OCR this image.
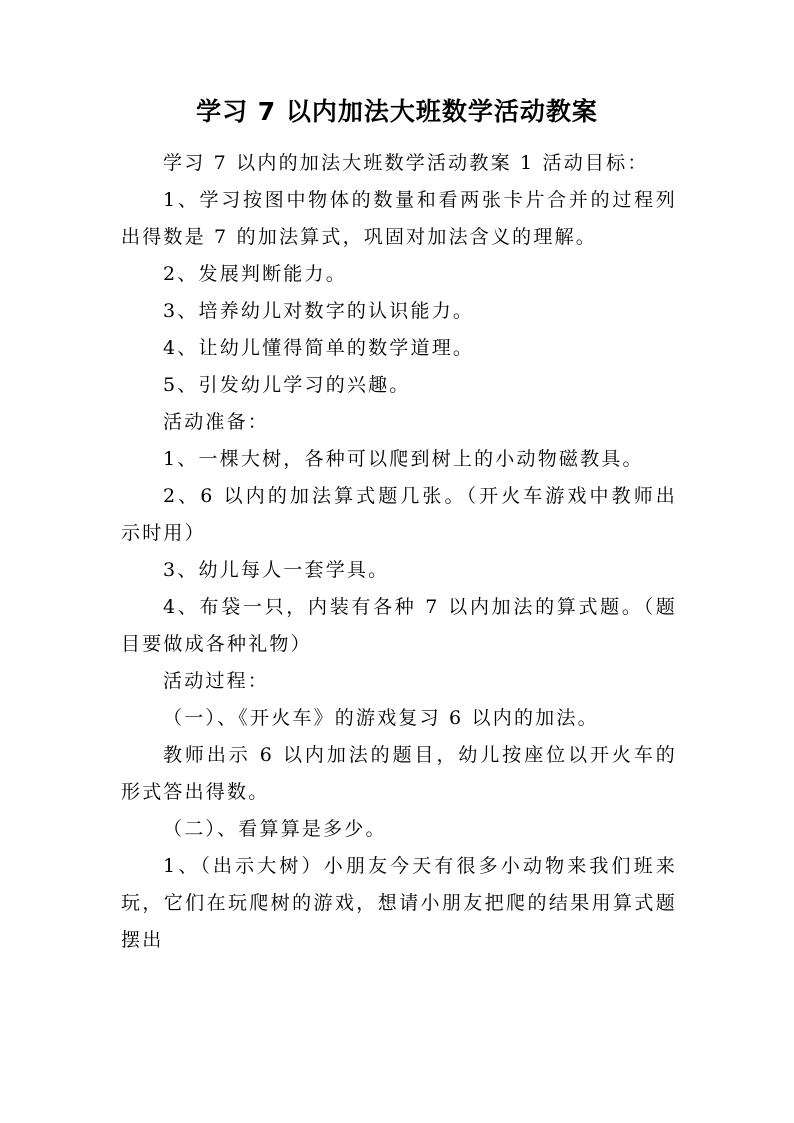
学习 7 以内加法大班数学活动教案

学习 7 以内的加法大班数学活动教案 1 活动目标：

1、学习按图中物体的数量和看两张卡片合并的过程列出得数是 7 的加法算式，巩固对加法含义的理解。

2、发展判断能力。

3、培养幼儿对数字的认识能力。

4、让幼儿懂得简单的数学道理。

5、引发幼儿学习的兴趣。

活动准备：

1、一棵大树，各种可以爬到树上的小动物磁教具。

2、6 以内的加法算式题几张。（开火车游戏中教师出示时用）

3、幼儿每人一套学具。

4、布袋一只，内装有各种 7 以内加法的算式题。（题目要做成各种礼物）

活动过程：

（一）、《开火车》的游戏复习 6 以内的加法。

教师出示 6 以内加法的题目，幼儿按座位以开火车的形式答出得数。

（二）、看算算是多少。

1、（出示大树）小朋友今天有很多小动物来我们班来玩，它们在玩爬树的游戏，想请小朋友把爬的结果用算式题摆出
